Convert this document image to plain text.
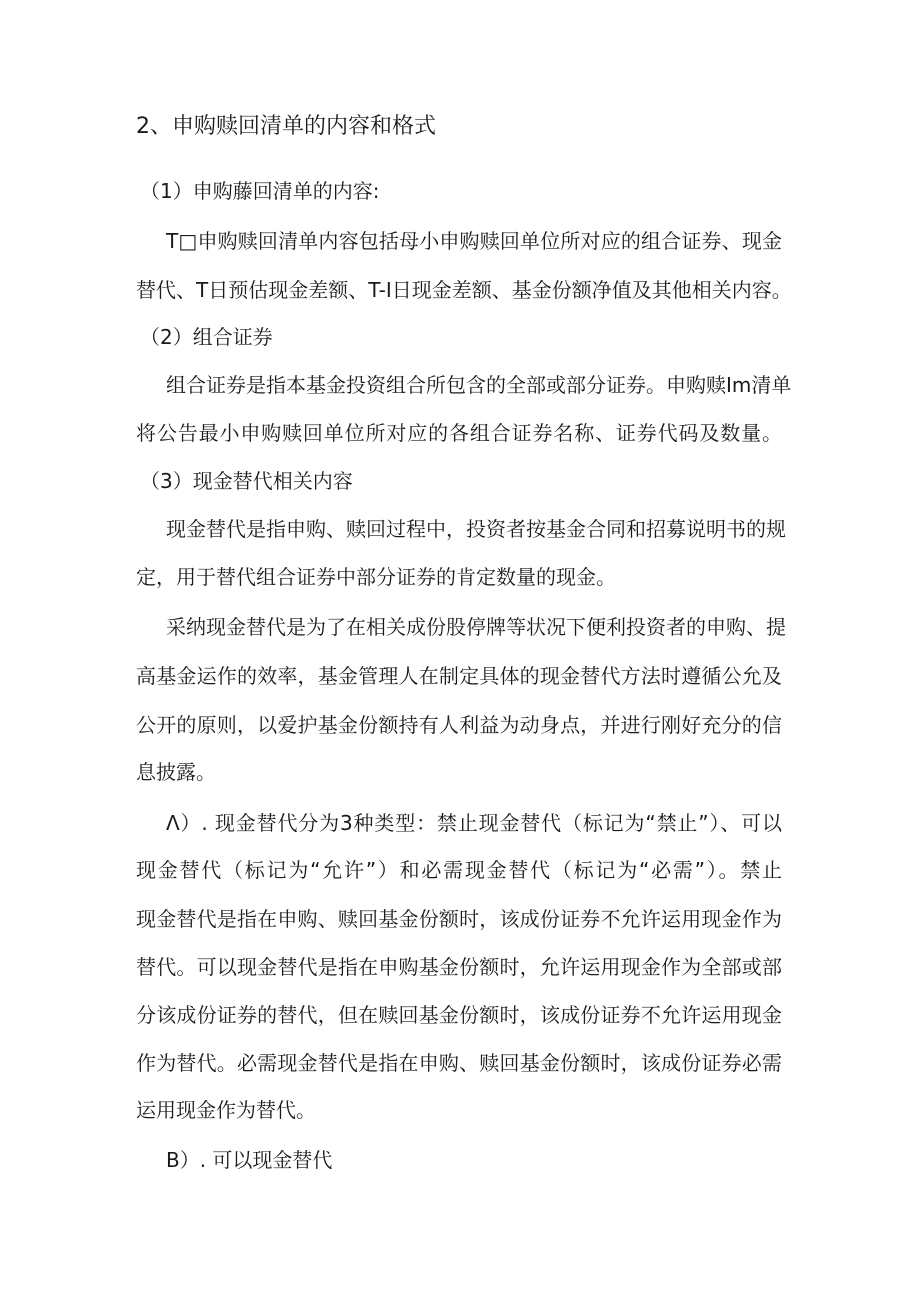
2、申购赎回清单的内容和格式
（1）申购藤回清单的内容:
T□申购赎回清单内容包括母小申购赎回单位所对应的组合证券、现金
替代、T日预估现金差额、T-I日现金差额、基金份额净值及其他相关内容。
（2）组合证券
组合证券是指本基金投资组合所包含的全部或部分证券。申购赎Im清单
将公告最小申购赎回单位所对应的各组合证券名称、证券代码及数量。
（3）现金替代相关内容
现金替代是指申购、赎回过程中，投资者按基金合同和招募说明书的规
定，用于替代组合证券中部分证券的肯定数量的现金。
采纳现金替代是为了在相关成份股停牌等状况下便利投资者的申购、提
高基金运作的效率，基金管理人在制定具体的现金替代方法时遵循公允及
公开的原则，以爱护基金份额持有人利益为动身点，并进行刚好充分的信
息披露。
Λ）. 现金替代分为3种类型：禁止现金替代（标记为“禁止”）、可以
现金替代（标记为“允许”）和必需现金替代（标记为“必需”）。禁止
现金替代是指在申购、赎回基金份额时，该成份证券不允许运用现金作为
替代。可以现金替代是指在申购基金份额时，允许运用现金作为全部或部
分该成份证券的替代，但在赎回基金份额时，该成份证券不允许运用现金
作为替代。必需现金替代是指在申购、赎回基金份额时，该成份证券必需
运用现金作为替代。
B）. 可以现金替代
